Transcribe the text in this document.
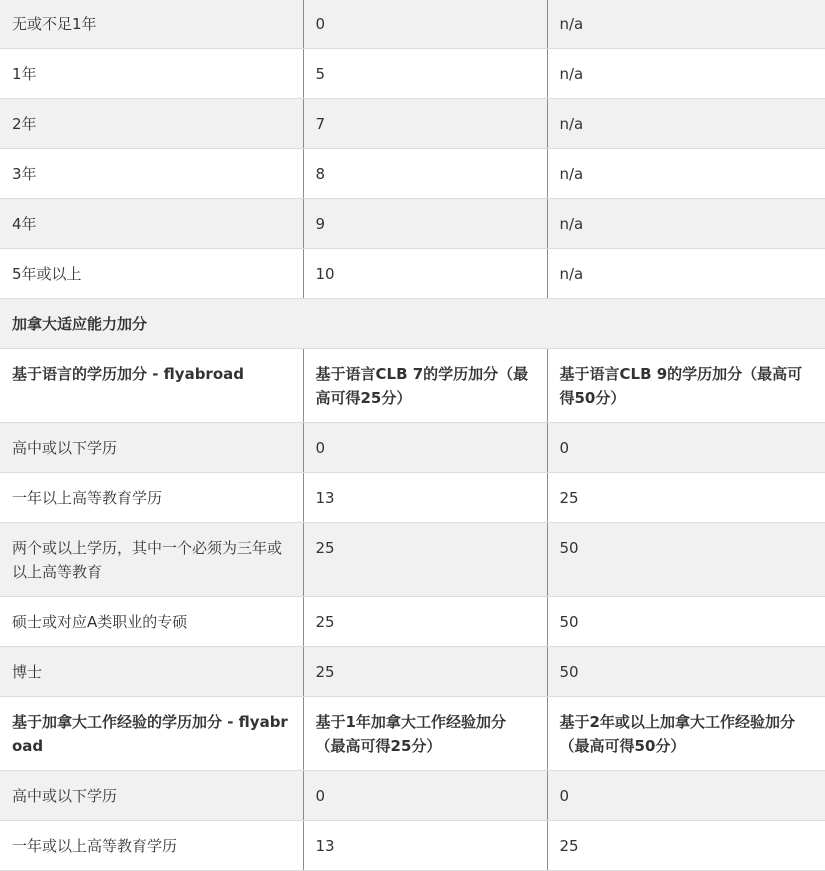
无或不足1年	0	n/a
1年	5	n/a
2年	7	n/a
3年	8	n/a
4年	9	n/a
5年或以上	10	n/a
加拿大适应能力加分		
基于语言的学历加分 - flyabroad	基于语言CLB 7的学历加分（最高可得25分）	基于语言CLB 9的学历加分（最高可得50分）
高中或以下学历	0	0
一年以上高等教育学历	13	25
两个或以上学历，其中一个必须为三年或以上高等教育	25	50
硕士或对应A类职业的专硕	25	50
博士	25	50
基于加拿大工作经验的学历加分 - flyabroad	基于1年加拿大工作经验加分（最高可得25分）	基于2年或以上加拿大工作经验加分（最高可得50分）
高中或以下学历	0	0
一年或以上高等教育学历	13	25
